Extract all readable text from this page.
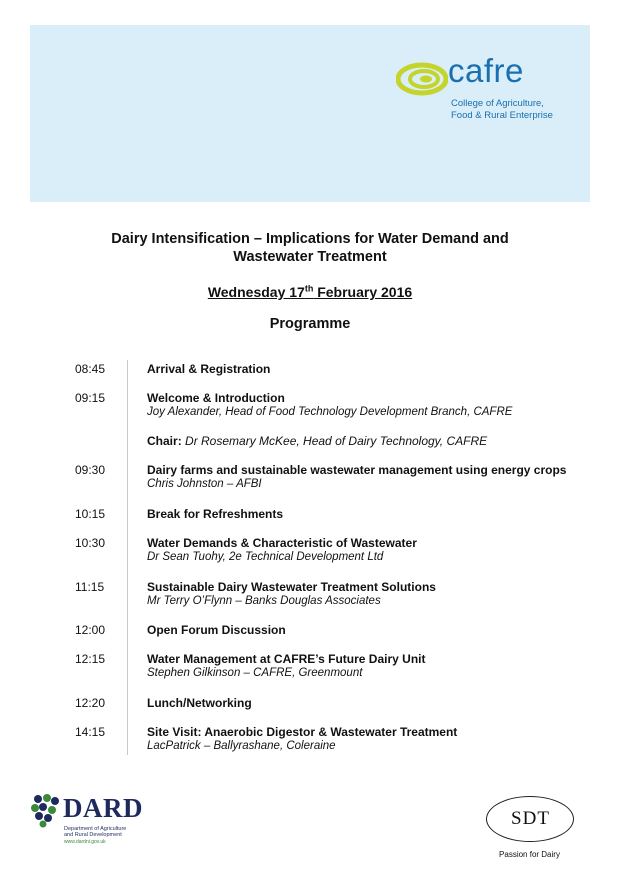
cafre
College of Agriculture,
Food & Rural Enterprise
Dairy Intensification – Implications for Water Demand and
Wastewater Treatment
Wednesday 17th February 2016
Programme
08:45	Arrival & Registration
09:15	Welcome & Introduction
Joy Alexander, Head of Food Technology Development Branch, CAFRE
Chair: Dr Rosemary McKee, Head of Dairy Technology, CAFRE
09:30	Dairy farms and sustainable wastewater management using energy crops
Chris Johnston – AFBI
10:15	Break for Refreshments
10:30	Water Demands & Characteristic of Wastewater
Dr Sean Tuohy, 2e Technical Development Ltd
11:15	Sustainable Dairy Wastewater Treatment Solutions
Mr Terry O’Flynn – Banks Douglas Associates
12:00	Open Forum Discussion
12:15	Water Management at CAFRE’s Future Dairy Unit
Stephen Gilkinson – CAFRE, Greenmount
12:20	Lunch/Networking
14:15	Site Visit: Anaerobic Digestor & Wastewater Treatment
LacPatrick – Ballyrashane, Coleraine
DARD
Department of Agriculture
and Rural Development
www.dardni.gov.uk
SDT
Passion for Dairy
